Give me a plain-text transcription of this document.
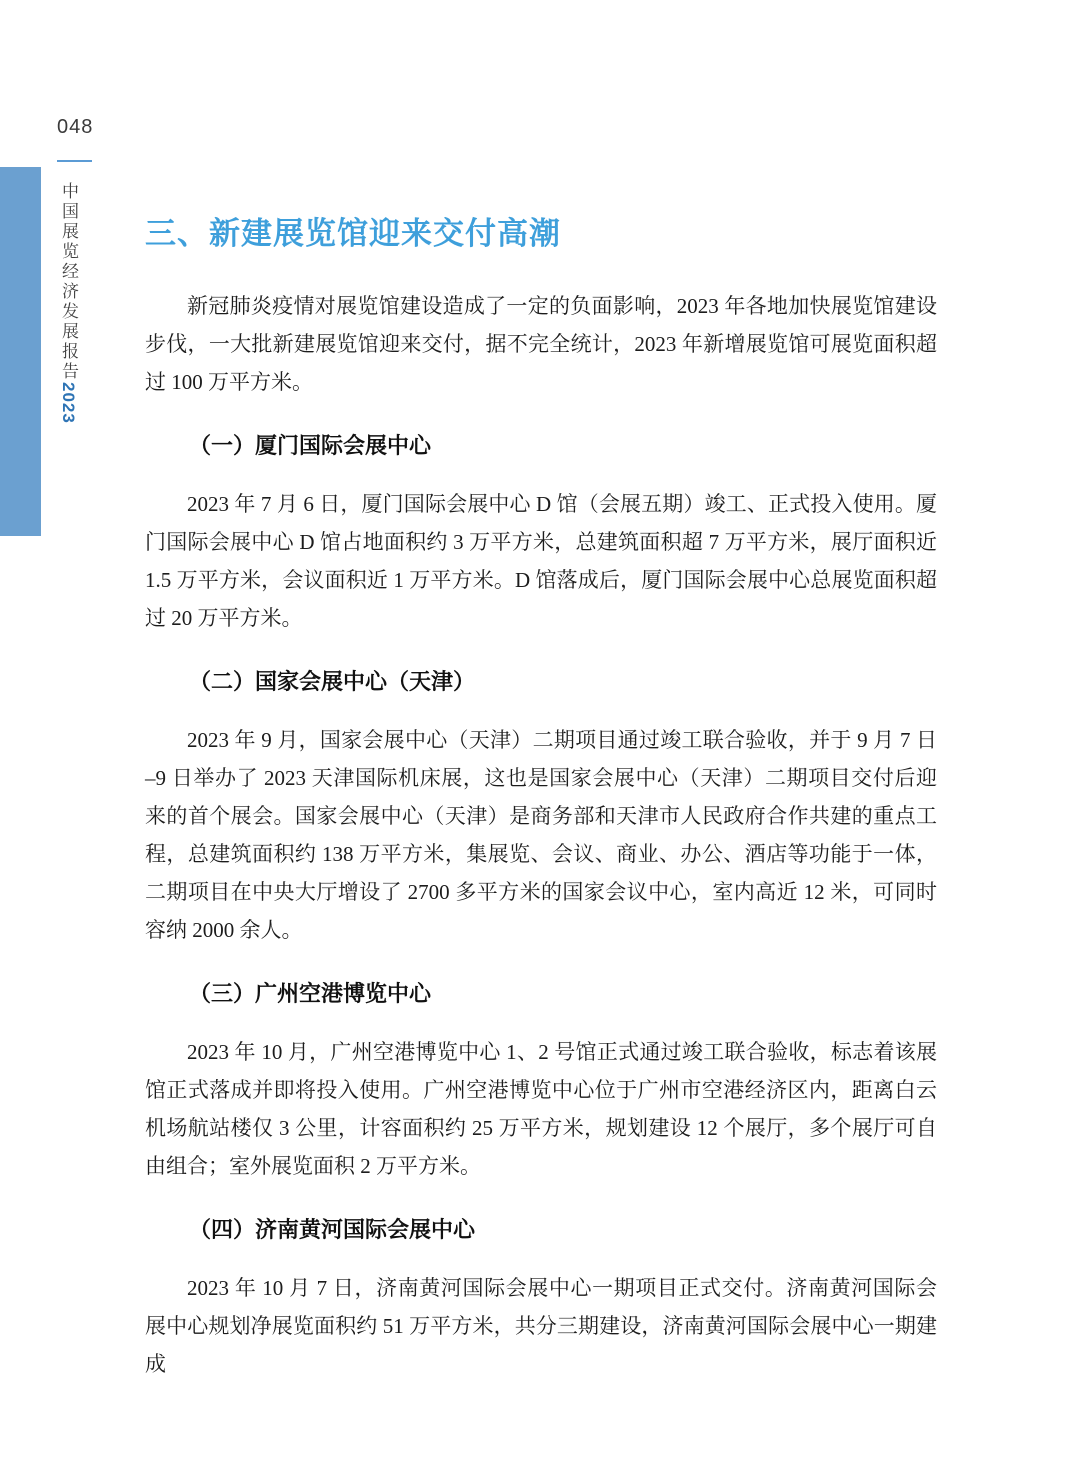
048
中国展览经济发展报告2023
三、新建展览馆迎来交付高潮

新冠肺炎疫情对展览馆建设造成了一定的负面影响，2023 年各地加快展览馆建设步伐，一大批新建展览馆迎来交付，据不完全统计，2023 年新增展览馆可展览面积超过 100 万平方米。

（一）厦门国际会展中心

2023 年 7 月 6 日，厦门国际会展中心 D 馆（会展五期）竣工、正式投入使用。厦门国际会展中心 D 馆占地面积约 3 万平方米，总建筑面积超 7 万平方米，展厅面积近 1.5 万平方米，会议面积近 1 万平方米。D 馆落成后，厦门国际会展中心总展览面积超过 20 万平方米。

（二）国家会展中心（天津）

2023 年 9 月，国家会展中心（天津）二期项目通过竣工联合验收，并于 9 月 7 日 –9 日举办了 2023 天津国际机床展，这也是国家会展中心（天津）二期项目交付后迎来的首个展会。国家会展中心（天津）是商务部和天津市人民政府合作共建的重点工程，总建筑面积约 138 万平方米，集展览、会议、商业、办公、酒店等功能于一体，二期项目在中央大厅增设了 2700 多平方米的国家会议中心，室内高近 12 米，可同时容纳 2000 余人。

（三）广州空港博览中心

2023 年 10 月，广州空港博览中心 1、2 号馆正式通过竣工联合验收，标志着该展馆正式落成并即将投入使用。广州空港博览中心位于广州市空港经济区内，距离白云机场航站楼仅 3 公里，计容面积约 25 万平方米，规划建设 12 个展厅，多个展厅可自由组合；室外展览面积 2 万平方米。

（四）济南黄河国际会展中心

2023 年 10 月 7 日，济南黄河国际会展中心一期项目正式交付。济南黄河国际会展中心规划净展览面积约 51 万平方米，共分三期建设，济南黄河国际会展中心一期建成
